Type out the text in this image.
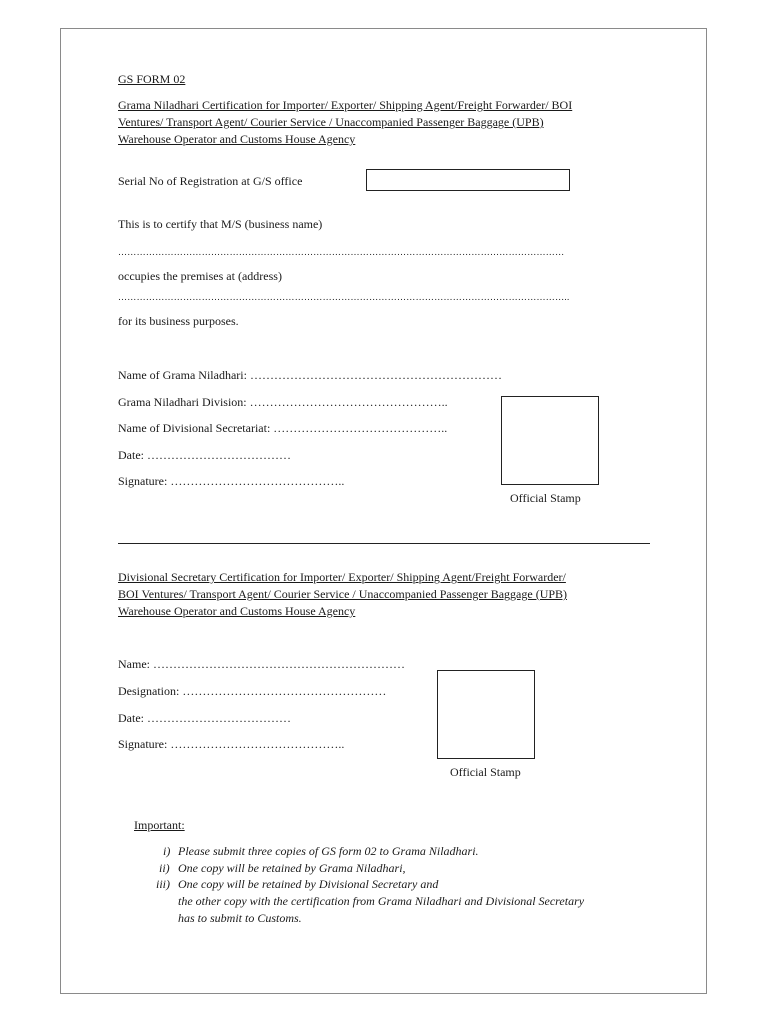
GS FORM 02
Grama Niladhari Certification for Importer/ Exporter/ Shipping Agent/Freight Forwarder/ BOI
Ventures/ Transport Agent/ Courier Service / Unaccompanied Passenger Baggage (UPB)
Warehouse Operator and Customs House Agency
Serial No of Registration at G/S office
This is to certify that M/S (business name)
………………………………………………………………………………………………………………………………
occupies the premises at (address)
………………………………………………………………………………………………………………………………..
for its business purposes.
Name of Grama Niladhari: ………………………………………………………
Grama Niladhari Division: …………………………………………..
Name of Divisional Secretariat: ……………………………………..
Date: ………………………………
Signature: ……………………………………..
Official Stamp
Divisional Secretary Certification for Importer/ Exporter/ Shipping Agent/Freight Forwarder/
BOI Ventures/ Transport Agent/ Courier Service / Unaccompanied Passenger Baggage (UPB)
Warehouse Operator and Customs House Agency
Name: ………………………………………………………
Designation: ……………………………………………
Date: ………………………………
Signature: ……………………………………..
Official Stamp
Important:
i) Please submit three copies of GS form 02 to Grama Niladhari.
ii) One copy will be retained by Grama Niladhari,
iii) One copy will be retained by Divisional Secretary and
the other copy with the certification from Grama Niladhari and Divisional Secretary
has to submit to Customs.
